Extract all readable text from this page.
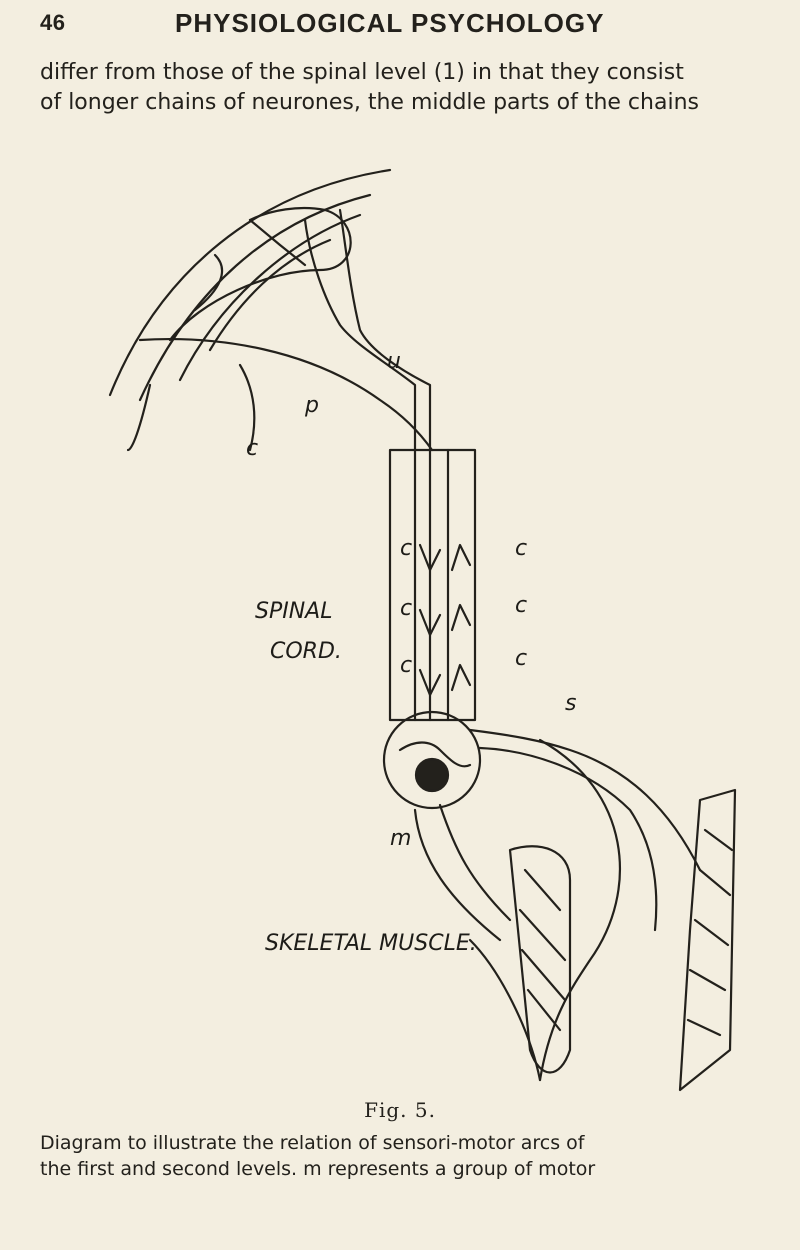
46	PHYSIOLOGICAL PSYCHOLOGY
differ from those of the spinal level (1) in that they consist
of longer chains of neurones, the middle parts of the chains
SPINAL
CORD.
SKELETAL MUSCLE.
p
u
c
m
s
c
c
c
c
c
c
Fig. 5.
Diagram to illustrate the relation of sensori-motor arcs of
the first and second levels. m represents a group of motor
